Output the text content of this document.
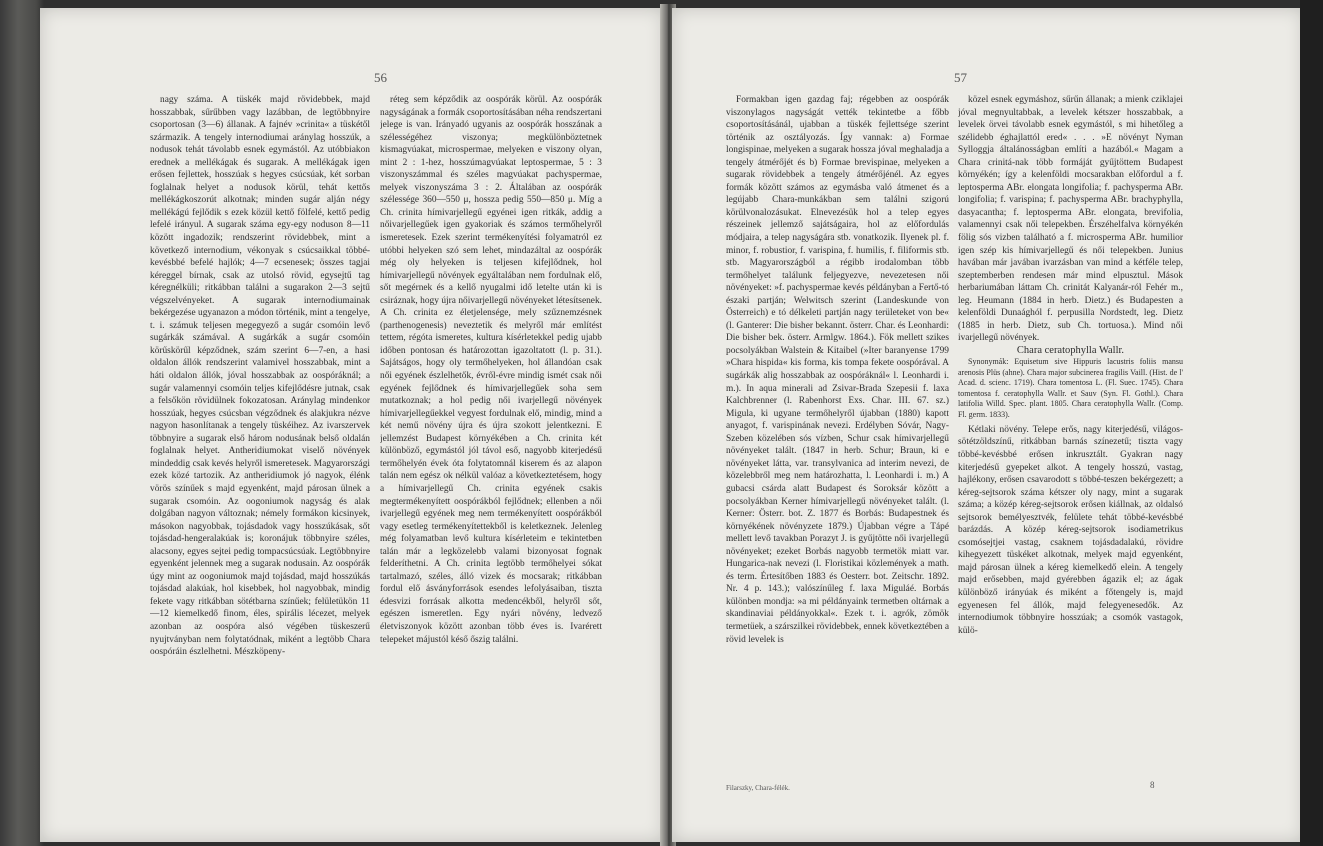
56

nagy száma. A tüskék majd rövidebbek, majd hosszabbak, sűrűbben vagy lazábban, de legtöbbnyire csoportosan (3—6) állanak. A fajnév »crinita« a tüskétől származik. A tengely internodiumai aránylag hosszúk, a nodusok tehát távolabb esnek egymástól. Az utóbbiakon erednek a mellékágak és sugarak. A mellékágak igen erősen fejlettek, hosszúak s hegyes csúcsúak, két sorban foglalnak helyet a nodusok körül, tehát kettős mellékágkoszorút alkotnak; minden sugár alján négy mellékágú fejlődik s ezek közül kettő fölfelé, kettő pedig lefelé irányul. A sugarak száma egy-egy noduson 8—11 között ingadozik; rendszerint rövidebbek, mint a következő internodium, vékonyak s csúcsaikkal többé-kevésbbé befelé hajlók; 4—7 ecsenesek; összes tagjai kéreggel bírnak, csak az utolsó rövid, egysejtű tag kéregnélküli; ritkábban találni a sugarakon 2—3 sejtű végszelvényeket. A sugarak internodiumainak bekérgezése ugyanazon a módon történik, mint a tengelye, t. i. számuk teljesen megegyező a sugár csomóin levő sugárkák számával. A sugárkák a sugár csomóin körűskörűl képződnek, szám szerint 6—7-en, a hasi oldalon állók rendszerint valamivel hosszabbak, mint a háti oldalon állók, jóval hosszabbak az oospóráknál; a sugár valamennyi csomóin teljes kifejlődésre jutnak, csak a felsőkön rövidülnek fokozatosan. Aránylag mindenkor hosszúak, hegyes csúcsban végződnek és alakjukra nézve nagyon hasonlítanak a tengely tüskéihez. Az ivarszervek többnyire a sugarak első három nodusának belső oldalán foglalnak helyet. Antheridiumokat viselő növények mindeddig csak kevés helyről ismeretesek. Magyarországi ezek közé tartozik. Az antheridiumok jó nagyok, élénk vörös színűek s majd egyenként, majd párosan ülnek a sugarak csomóin. Az oogoniumok nagyság és alak dolgában nagyon változnak; némely formákon kicsinyek, másokon nagyobbak, tojásdadok vagy hosszúkásak, sőt tojásdad-hengeralakúak is; koronájuk többnyire széles, alacsony, egyes sejtei pedig tompacsúcsúak. Legtöbbnyire egyenként jelennek meg a sugarak nodusain. Az oospórák úgy mint az oogoniumok majd tojásdad, majd hosszúkás tojásdad alakúak, hol kisebbek, hol nagyobbak, mindig fekete vagy ritkábban sötétbarna színűek; felületükön 11—12 kiemelkedő finom, éles, spirális lécezet, melyek azonban az oospóra alsó végében tüskeszerű nyujtványban nem folytatódnak, miként a legtöbb Chara oospóráin észlelhetni. Mészköpeny-

réteg sem képződik az oospórák körül. Az oospórák nagyságának a formák csoportosításában néha rendszertani jelege is van. Irányadó ugyanis az oospórák hosszának a szélességéhez viszonya; megkülönböztetnek kismagvúakat, microspermae, melyeken e viszony olyan, mint 2 : 1-hez, hosszúmagvúakat leptospermae, 5 : 3 viszonyszámmal és széles magvúakat pachyspermae, melyek viszonyszáma 3 : 2. Általában az oospórák szélessége 360—550 μ, hossza pedig 550—850 μ. Míg a Ch. crinita hímivarjellegű egyénei igen ritkák, addig a nőivarjellegűek igen gyakoriak és számos termőhelyről ismeretesek. Ezek szerint termékenyítési folyamatról ez utóbbi helyeken szó sem lehet, mindazáltal az oospórák még oly helyeken is teljesen kifejlődnek, hol hímivarjellegű növények egyáltalában nem fordulnak elő, sőt megérnek és a kellő nyugalmi idő letelte után ki is csiráznak, hogy újra nőivarjellegű növényeket létesítsenek. A Ch. crinita ez életjelensége, mely szűznemzésnek (parthenogenesis) neveztetik és melyről már említést tettem, régóta ismeretes, kultura kísérletekkel pedig ujabb időben pontosan és határozottan igazoltatott (l. p. 31.). Sajátságos, hogy oly termőhelyeken, hol állandóan csak női egyének észlelhetők, évről-évre mindig ismét csak női egyének fejlődnek és hímivarjellegűek soha sem mutatkoznak; a hol pedig női ivarjellegű növények hímivarjellegűekkel vegyest fordulnak elő, mindig, mind a két nemű növény újra és újra szokott jelentkezni. E jellemzést Budapest környékében a Ch. crinita két különböző, egymástól jól távol eső, nagyobb kiterjedésű termőhelyén évek óta folytatomnál kiserem és az alapon talán nem egész ok nélkül valóaz a következtetésem, hogy a hímivarjellegű Ch. crinita egyének csakis megtermékenyített oospórákból fejlődnek; ellenben a női ivarjellegű egyének meg nem termékenyített oospórákból vagy esetleg termékenyítettekből is keletkeznek. Jelenleg még folyamatban levő kultura kísérleteim e tekintetben talán már a legközelebb valami bizonyosat fognak felderíthetni. A Ch. crinita legtöbb termőhelyei sókat tartalmazó, széles, álló vizek és mocsarak; ritkábban fordul elő ásványforrások esendes lefolyásaiban, tiszta édesvizi forrásak alkotta medencékből, helyről sőt, egészen ismeretlen. Egy nyári növény, ledvező életviszonyok között azonban több éves is. Ivarérett telepeket májustól késő őszig találni.

57

Formakban igen gazdag faj; régebben az oospórák viszonylagos nagyságát vették tekintetbe a főbb csoportosításánál, ujabban a tüskék fejlettsége szerint történik az osztályozás. Így vannak: a) Formae longispinae, melyeken a sugarak hossza jóval meghaladja a tengely átmérőjét és b) Formae brevispinae, melyeken a sugarak rövidebbek a tengely átmérőjénél. Az egyes formák között számos az egymásba való átmenet és a legújabb Chara-munkákban sem találni szigorú körülvonalozásukat. Elnevezésük hol a telep egyes részeinek jellemző sajátságaira, hol az előfordulás módjaira, a telep nagyságára stb. vonatkozik. Ilyenek pl. f. minor, f. robustior, f. varispina, f. humilis, f. filiformis stb. stb. Magyarországból a régibb irodalomban több termőhelyet találunk feljegyezve, nevezetesen női növényeket: »f. pachyspermae kevés példányban a Fertő-tó északi partján; Welwitsch szerint (Landeskunde von Österreich) e tó délkeleti partján nagy területeket von be« (l. Ganterer: Die bisher bekannt. österr. Char. és Leonhardi: Die bisher bek. österr. Armlgw. 1864.). Fök mellett szikes pocsolyákban Walstein & Kitaibel (»Iter baranyense 1799 »Chara hispida« kis forma, kis tompa fekete oospórával. A sugárkák alig hosszabbak az oospóráknál« l. Leonhardi i. m.). In aqua minerali ad Zsivar-Brada Szepesii f. laxa Kalchbrenner (l. Rabenhorst Exs. Char. III. 67. sz.) Migula, ki ugyane termőhelyről újabban (1880) kapott anyagot, f. varispinának nevezi. Erdélyben Sóvár, Nagy-Szeben közelében sós vízben, Schur csak hímivarjellegű növényeket talált. (1847 in herb. Schur; Braun, ki e növényeket látta, var. transylvanica ad interim nevezi, de közelebbről meg nem határozhatta, l. Leonhardi i. m.) A gubacsi csárda alatt Budapest és Soroksár között a pocsolyákban Kerner hímivarjellegű növényeket talált. (l. Kerner: Österr. bot. Z. 1877 és Borbás: Budapestnek és környékének növényzete 1879.) Újabban végre a Tápé mellett levő tavakban Porazyt J. is gyűjtötte női ivarjellegű növényeket; ezeket Borbás nagyobb termetök miatt var. Hungarica-nak nevezi (l. Floristikai közlemények a math. és term. Értesítőben 1883 és Oesterr. bot. Zeitschr. 1892. Nr. 4 p. 143.); valószínűleg f. laxa Miguláé. Borbás különben mondja: »a mi példányaink termetben oltárnak a skandinaviai példányokkal«. Ezek t. i. agrók, zömök termetüek, a szárszilkei rövidebbek, ennek következtében a rövid levelek is

közel esnek egymáshoz, sűrűn állanak; a mienk cziklajei jóval megnyultabbak, a levelek kétszer hosszabbak, a levelek örvei távolabb esnek egymástól, s mi hihetőleg a szélidebb éghajlattól ered« . . . »E növényt Nyman Sylloggja általánosságban említi a hazából.« Magam a Chara crinitá-nak több formáját gyűjtöttem Budapest környékén; így a kelenföldi mocsarakban előfordul a f. leptosperma ABr. elongata longifolia; f. pachysperma ABr. longifolia; f. varispina; f. pachysperma ABr. brachyphylla, dasyacantha; f. leptosperma ABr. elongata, brevifolia, valamennyi csak női telepekben. Érszéhelfalva környékén fölig sós vizben található a f. microsperma ABr. humilior igen szép kis hímivarjellegű és női telepekben. Junius havában már javában ivarzásban van mind a kétféle telep, szeptemberben rendesen már mind elpusztul. Mások herbariumában láttam Ch. crinitát Kalyanár-ról Fehér m., leg. Heumann (1884 in herb. Dietz.) és Budapesten a kelenföldi Dunaághól f. perpusilla Nordstedt, leg. Dietz (1885 in herb. Dietz, sub Ch. tortuosa.). Mind női ivarjellegű növények.

Chara ceratophylla Wallr.

Synonymák: Equisetum sive Hippuris lacustris foliis mansu arenosis Plüs (ahne). Chara major subcinerea fragilis Vaill. (Hist. de l' Acad. d. scienc. 1719). Chara tomentosa L. (Fl. Suec. 1745). Chara tomentosa f. ceratophylla Wallr. et Sauv (Syn. Fl. Gothl.). Chara latifolia Willd. Spec. plant. 1805. Chara ceratophylla Wallr. (Comp. Fl. germ. 1833).

Kétlaki növény. Telepe erős, nagy kiterjedésű, világos-sötétzöldszínű, ritkábban barnás színezetű; tiszta vagy többé-kevésbbé erősen inkrusztált. Gyakran nagy kiterjedésű gyepeket alkot. A tengely hosszú, vastag, hajlékony, erősen csavarodott s többé-teszen bekérgezett; a kéreg-sejtsorok száma kétszer oly nagy, mint a sugarak száma; a közép kéreg-sejtsorok erősen kiállnak, az oldalsó sejtsorok bemélyesztvék, felülete tehát többé-kevésbbé barázdás. A közép kéreg-sejtsorok isodiametrikus csomósejtjei vastag, csaknem tojásdadalakú, rövidre kihegyezett tüskéket alkotnak, melyek majd egyenként, majd párosan ülnek a kéreg kiemelkedő elein. A tengely majd erősebben, majd gyérebben ágazik el; az ágak különböző irányúak és miként a főtengely is, majd egyenesen fel állók, majd felegyenesedők. Az internodiumok többnyire hosszúak; a csomók vastagok, külö-

Filarszky, Chara-félék.	8
